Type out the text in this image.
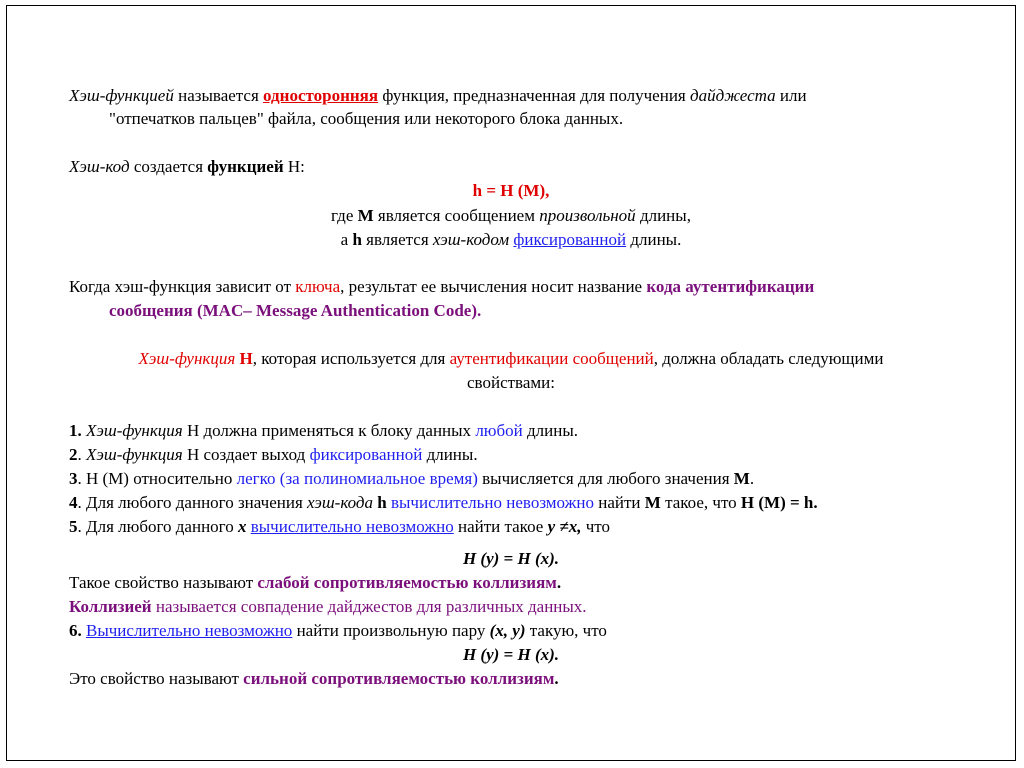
Хэш-функцией называется односторонняя функция, предназначенная для получения дайджеста или
"отпечатков пальцев" файла, сообщения или некоторого блока данных.
Хэш-код создается функцией Н:
h = H (M),
где М является сообщением произвольной длины,
а h является хэш-кодом фиксированной длины.
Когда хэш-функция зависит от ключа, результат ее вычисления носит название кода аутентификации
сообщения (MAC– Message Authentication Code).
Хэш-функция Н, которая используется для аутентификации сообщений, должна обладать следующими
свойствами:
1. Хэш-функция Н должна применяться к блоку данных любой длины.
2. Хэш-функция Н создает выход фиксированной длины.
3. Н (М) относительно легко (за полиномиальное время) вычисляется для любого значения М.
4. Для любого данного значения хэш-кода h вычислительно невозможно найти М такое, что Н (М) = h.
5. Для любого данного х вычислительно невозможно найти такое y ≠х, что
H (y) = H (x).
Такое свойство называют слабой сопротивляемостью коллизиям.
Коллизией называется совпадение дайджестов для различных данных.
6. Вычислительно невозможно найти произвольную пару (х, y) такую, что
H (y) = H (x).
Это свойство называют сильной сопротивляемостью коллизиям.
